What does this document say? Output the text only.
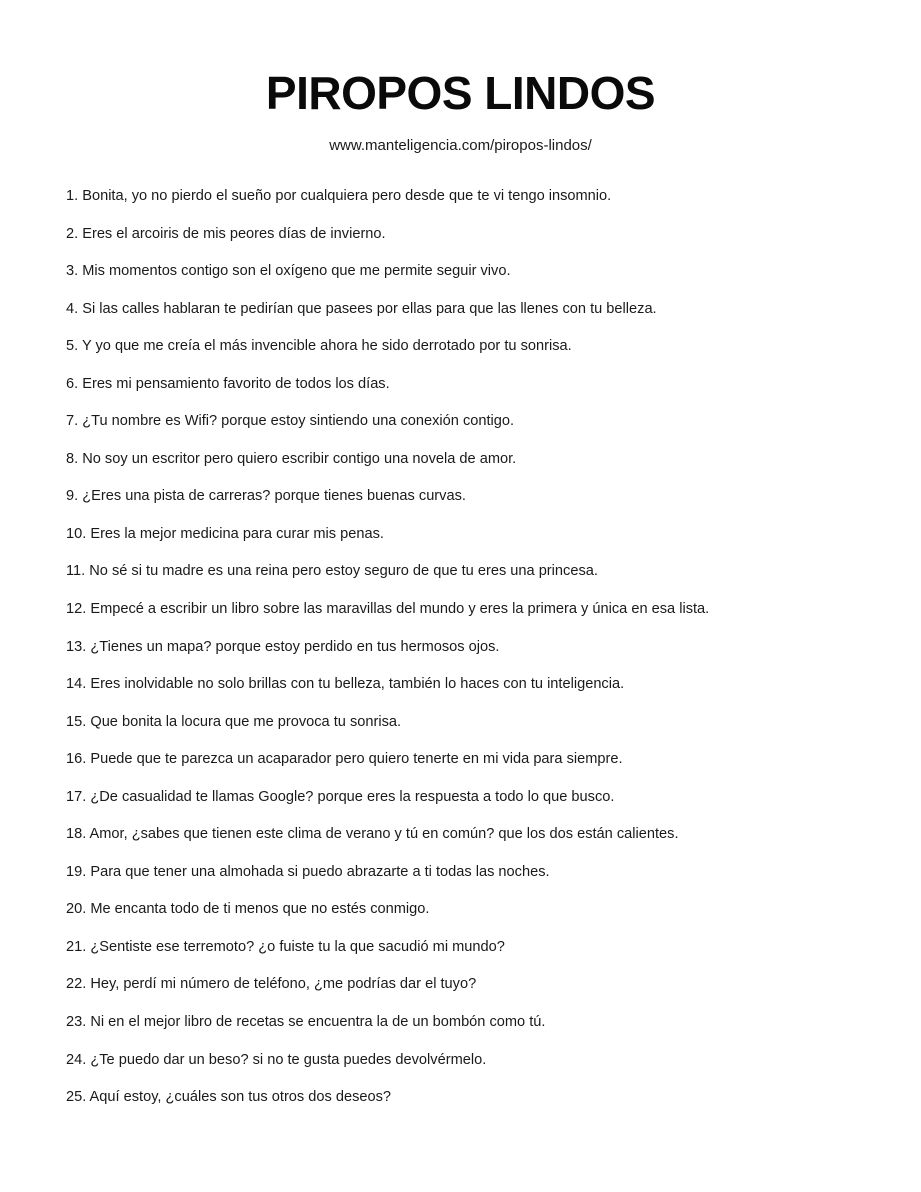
PIROPOS LINDOS
www.manteligencia.com/piropos-lindos/
1. Bonita, yo no pierdo el sueño por cualquiera pero desde que te vi tengo insomnio.
2. Eres el arcoiris de mis peores días de invierno.
3. Mis momentos contigo son el oxígeno que me permite seguir vivo.
4. Si las calles hablaran te pedirían que pasees por ellas para que las llenes con tu belleza.
5. Y yo que me creía el más invencible ahora he sido derrotado por tu sonrisa.
6. Eres mi pensamiento favorito de todos los días.
7. ¿Tu nombre es Wifi? porque estoy sintiendo una conexión contigo.
8. No soy un escritor pero quiero escribir contigo una novela de amor.
9. ¿Eres una pista de carreras? porque tienes buenas curvas.
10. Eres la mejor medicina para curar mis penas.
11. No sé si tu madre es una reina pero estoy seguro de que tu eres una princesa.
12. Empecé a escribir un libro sobre las maravillas del mundo y eres la primera y única en esa lista.
13. ¿Tienes un mapa? porque estoy perdido en tus hermosos ojos.
14. Eres inolvidable no solo brillas con tu belleza, también lo haces con tu inteligencia.
15. Que bonita la locura que me provoca tu sonrisa.
16. Puede que te parezca un acaparador pero quiero tenerte en mi vida para siempre.
17. ¿De casualidad te llamas Google? porque eres la respuesta a todo lo que busco.
18. Amor, ¿sabes que tienen este clima de verano y tú en común? que los dos están calientes.
19. Para que tener una almohada si puedo abrazarte a ti todas las noches.
20. Me encanta todo de ti menos que no estés conmigo.
21. ¿Sentiste ese terremoto? ¿o fuiste tu la que sacudió mi mundo?
22. Hey, perdí mi número de teléfono, ¿me podrías dar el tuyo?
23. Ni en el mejor libro de recetas se encuentra la de un bombón como tú.
24. ¿Te puedo dar un beso? si no te gusta puedes devolvérmelo.
25. Aquí estoy, ¿cuáles son tus otros dos deseos?
